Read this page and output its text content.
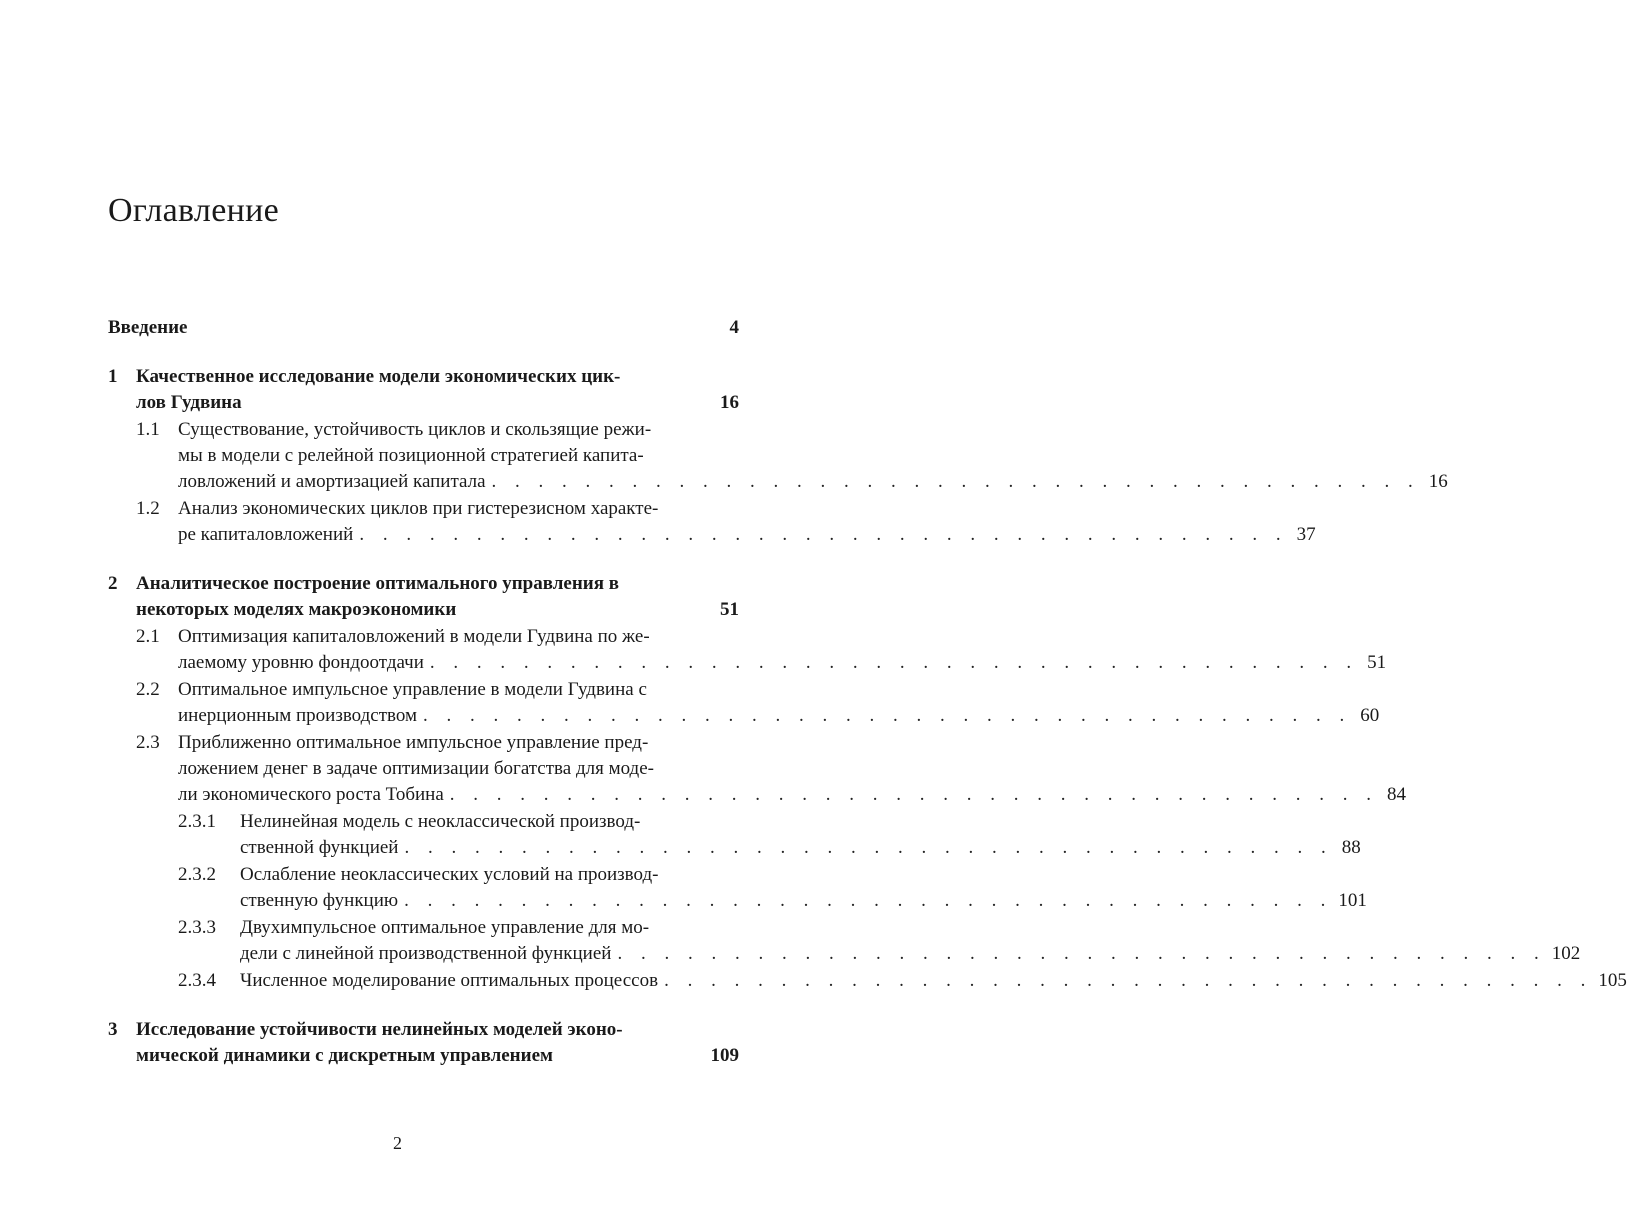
Оглавление
Введение	4
1 Качественное исследование модели экономических цик-
лов Гудвина	16
1.1 Существование, устойчивость циклов и скользящие режи-
мы в модели с релейной позиционной стратегией капита-
ловложений и амортизацией капитала . . . . . . . . . . . . . . . . . . . . . . . . . . . . . . . . . . . . . . . . 16
1.2 Анализ экономических циклов при гистерезисном характе-
ре капиталовложений . . . . . . . . . . . . . . . . . . . . . . . . . . . . . . . . . . . . . . . . 37
2 Аналитическое построение оптимального управления в
некоторых моделях макроэкономики	51
2.1 Оптимизация капиталовложений в модели Гудвина по же-
лаемому уровню фондоотдачи . . . . . . . . . . . . . . . . . . . . . . . . . . . . . . . . . . . . . . . . 51
2.2 Оптимальное импульсное управление в модели Гудвина с
инерционным производством . . . . . . . . . . . . . . . . . . . . . . . . . . . . . . . . . . . . . . . . 60
2.3 Приближенно оптимальное импульсное управление пред-
ложением денег в задаче оптимизации богатства для моде-
ли экономического роста Тобина . . . . . . . . . . . . . . . . . . . . . . . . . . . . . . . . . . . . . . . . 84
2.3.1 Нелинейная модель с неоклассической производ-
ственной функцией . . . . . . . . . . . . . . . . . . . . . . . . . . . . . . . . . . . . . . . . 88
2.3.2 Ослабление неоклассических условий на производ-
ственную функцию . . . . . . . . . . . . . . . . . . . . . . . . . . . . . . . . . . . . . . . . 101
2.3.3 Двухимпульсное оптимальное управление для мо-
дели с линейной производственной функцией . . . . . . . . . . . . . . . . . . . . . . . . . . . . . . . . . . . . . . . . 102
2.3.4 Численное моделирование оптимальных процессов . . . . . . . . . . . . . . . . . . . . . . . . . . . . . . . . . . . . . . . . 105
3 Исследование устойчивости нелинейных моделей эконо-
мической динамики с дискретным управлением	109
2
